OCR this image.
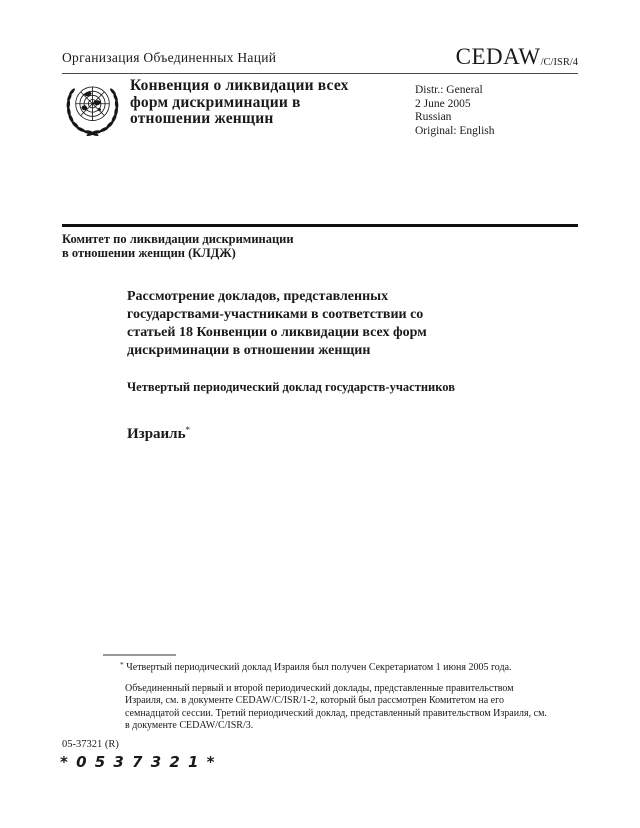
Организация Объединенных Наций	CEDAW/C/ISR/4
Конвенция о ликвидации всех
форм дискриминации в
отношении женщин
Distr.: General
2 June 2005
Russian
Original: English
Комитет по ликвидации дискриминации
в отношении женщин (КЛДЖ)
Рассмотрение докладов, представленных
государствами-участниками в соответствии со
статьей 18 Конвенции о ликвидации всех форм
дискриминации в отношении женщин
Четвертый периодический доклад государств-участников
Израиль*
* Четвертый периодический доклад Израиля был получен Секретариатом 1 июня 2005 года.
Объединенный первый и второй периодический доклады, представленные правительством Израиля, см. в документе CEDAW/C/ISR/1-2, который был рассмотрен Комитетом на его семнадцатой сессии. Третий периодический доклад, представленный правительством Израиля, см. в документе CEDAW/C/ISR/3.
05-37321 (R)
* 0 5 3 7 3 2 1 *
